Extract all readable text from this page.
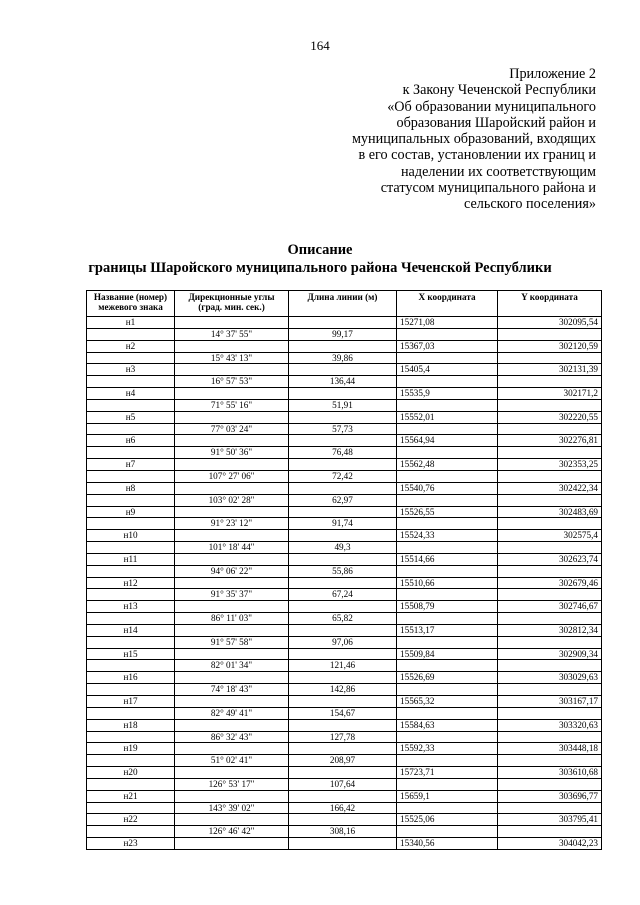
164
Приложение 2
к Закону Чеченской Республики
«Об образовании муниципального
образования Шаройский район и
муниципальных образований, входящих
в его состав, установлении их границ и
наделении их соответствующим
статусом муниципального района и
сельского поселения»
Описание
границы Шаройского муниципального района Чеченской Республики
Название (номер) межевого знака	Дирекционные углы (град. мин. сек.)	Длина линии (м)	X координата	Y координата
н1			15271,08	302095,54
	14° 37' 55"	99,17		
н2			15367,03	302120,59
	15° 43' 13"	39,86		
н3			15405,4	302131,39
	16° 57' 53"	136,44		
н4			15535,9	302171,2
	71° 55' 16"	51,91		
н5			15552,01	302220,55
	77° 03' 24"	57,73		
н6			15564,94	302276,81
	91° 50' 36"	76,48		
н7			15562,48	302353,25
	107° 27' 06"	72,42		
н8			15540,76	302422,34
	103° 02' 28"	62,97		
н9			15526,55	302483,69
	91° 23' 12"	91,74		
н10			15524,33	302575,4
	101° 18' 44"	49,3		
н11			15514,66	302623,74
	94° 06' 22"	55,86		
н12			15510,66	302679,46
	91° 35' 37"	67,24		
н13			15508,79	302746,67
	86° 11' 03"	65,82		
н14			15513,17	302812,34
	91° 57' 58"	97,06		
н15			15509,84	302909,34
	82° 01' 34"	121,46		
н16			15526,69	303029,63
	74° 18' 43"	142,86		
н17			15565,32	303167,17
	82° 49' 41"	154,67		
н18			15584,63	303320,63
	86° 32' 43"	127,78		
н19			15592,33	303448,18
	51° 02' 41"	208,97		
н20			15723,71	303610,68
	126° 53' 17"	107,64		
н21			15659,1	303696,77
	143° 39' 02"	166,42		
н22			15525,06	303795,41
	126° 46' 42"	308,16		
н23			15340,56	304042,23
